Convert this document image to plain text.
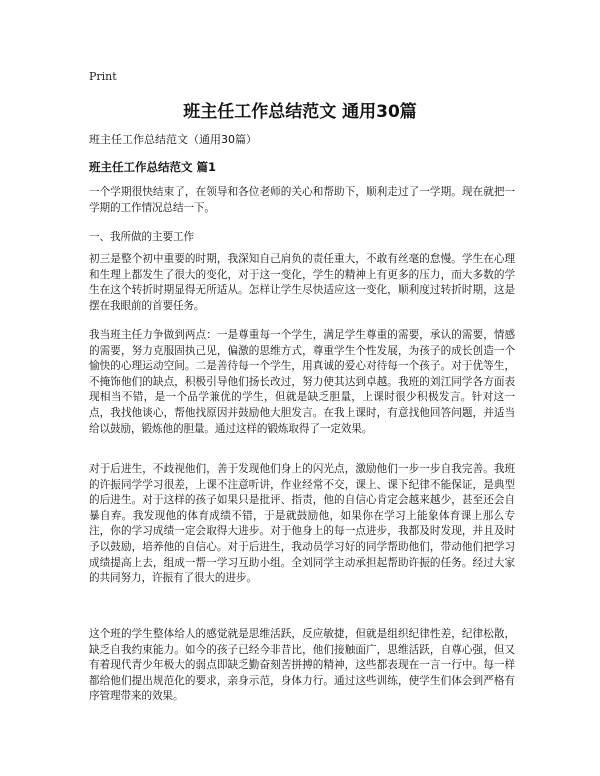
Print
班主任工作总结范文 通用30篇

班主任工作总结范文（通用30篇）

班主任工作总结范文 篇1

一个学期很快结束了，在领导和各位老师的关心和帮助下，顺利走过了一学期。现在就把一学期的工作情况总结一下。

一、我所做的主要工作

初三是整个初中重要的时期，我深知自己肩负的责任重大，不敢有丝毫的怠慢。学生在心理和生理上都发生了很大的变化，对于这一变化，学生的精神上有更多的压力，而大多数的学生在这个转折时期显得无所适从。怎样让学生尽快适应这一变化，顺利度过转折时期，这是摆在我眼前的首要任务。

我当班主任力争做到两点：一是尊重每一个学生，满足学生尊重的需要，承认的需要，情感的需要，努力克服固执己见，偏激的思维方式，尊重学生个性发展，为孩子的成长创造一个愉快的心理运动空间。二是善待每一个学生，用真诚的爱心对待每一个孩子。对于优等生，不掩饰他们的缺点，积极引导他们扬长改过，努力使其达到卓越。我班的刘江同学各方面表现相当不错，是一个品学兼优的学生，但就是缺乏胆量，上课时很少积极发言。针对这一点，我找他谈心，帮他找原因并鼓励他大胆发言。在我上课时，有意找他回答问题，并适当给以鼓励，锻炼他的胆量。通过这样的锻炼取得了一定效果。

对于后进生，不歧视他们，善于发现他们身上的闪光点，激励他们一步一步自我完善。我班的许振同学学习很差，上课不注意听讲，作业经常不交，课上、课下纪律不能保证，是典型的后进生。对于这样的孩子如果只是批评、指责，他的自信心肯定会越来越少，甚至还会自暴自弃。我发现他的体育成绩不错，于是就鼓励他，如果你在学习上能象体育课上那么专注，你的学习成绩一定会取得大进步。对于他身上的每一点进步，我都及时发现，并且及时予以鼓励，培养他的自信心。对于后进生，我动员学习好的同学帮助他们，带动他们把学习成绩提高上去，组成一帮一学习互助小组。全刘同学主动承担起帮助许振的任务。经过大家的共同努力，许振有了很大的进步。

这个班的学生整体给人的感觉就是思维活跃，反应敏捷，但就是组织纪律性差，纪律松散，缺乏自我约束能力。如今的孩子已经今非昔比，他们接触面广，思维活跃，自尊心强，但又有着现代青少年极大的弱点即缺乏勤奋刻苦拼搏的精神，这些都表现在一言一行中。每一样都给他们提出规范化的要求，亲身示范，身体力行。通过这些训练，使学生们体会到严格有序管理带来的效果。
